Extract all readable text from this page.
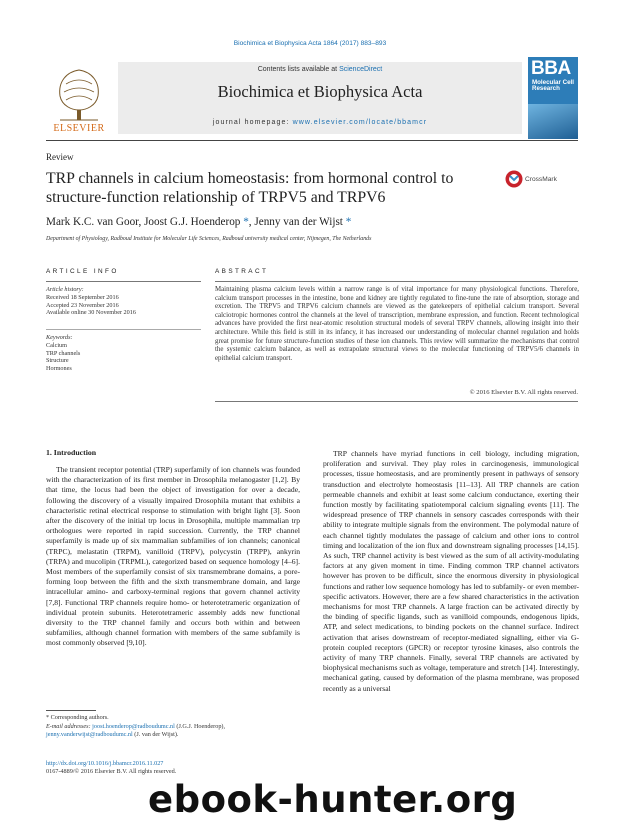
Biochimica et Biophysica Acta 1864 (2017) 883–893
ELSEVIER
Contents lists available at ScienceDirect
Biochimica et Biophysica Acta
journal homepage: www.elsevier.com/locate/bbamcr
BBA
Molecular Cell Research
Review
TRP channels in calcium homeostasis: from hormonal control to structure-function relationship of TRPV5 and TRPV6
CrossMark
Mark K.C. van Goor, Joost G.J. Hoenderop *, Jenny van der Wijst *
Department of Physiology, Radboud Institute for Molecular Life Sciences, Radboud university medical center, Nijmegen, The Netherlands
ARTICLE INFO	ABSTRACT
Article history:
Received 18 September 2016
Accepted 23 November 2016
Available online 30 November 2016
Keywords:
Calcium
TRP channels
Structure
Hormones
Maintaining plasma calcium levels within a narrow range is of vital importance for many physiological functions. Therefore, calcium transport processes in the intestine, bone and kidney are tightly regulated to fine-tune the rate of absorption, storage and excretion. The TRPV5 and TRPV6 calcium channels are viewed as the gatekeepers of epithelial calcium transport. Several calciotropic hormones control the channels at the level of transcription, membrane expression, and function. Recent technological advances have provided the first near-atomic resolution structural models of several TRPV channels, allowing insight into their architecture. While this field is still in its infancy, it has increased our understanding of molecular channel regulation and holds great promise for future structure-function studies of these ion channels. This review will summarize the mechanisms that control the systemic calcium balance, as well as extrapolate structural views to the molecular functioning of TRPV5/6 channels in epithelial calcium transport.
© 2016 Elsevier B.V. All rights reserved.
1. Introduction
The transient receptor potential (TRP) superfamily of ion channels was founded with the characterization of its first member in Drosophila melanogaster [1,2]. By that time, the locus had been the object of investigation for over a decade, following the discovery of a visually impaired Drosophila mutant that exhibits a characteristic retinal electrical response to stimulation with bright light [3]. Soon after the discovery of the initial trp locus in Drosophila, multiple mammalian trp orthologues were reported in rapid succession. Currently, the TRP channel superfamily is made up of six mammalian subfamilies of ion channels; canonical (TRPC), melastatin (TRPM), vanilloid (TRPV), polycystin (TRPP), ankyrin (TRPA) and mucolipin (TRPML), categorized based on sequence homology [4–6]. Most members of the superfamily consist of six transmembrane domains, a pore-forming loop between the fifth and the sixth transmembrane domain, and large intracellular amino- and carboxy-terminal regions that govern channel activity [7,8]. Functional TRP channels require homo- or heterotetrameric organization of individual protein subunits. Heterotetrameric assembly adds new functional diversity to the TRP channel family and occurs both within and between subfamilies, although channel formation with members of the same subfamily is most commonly observed [9,10].
TRP channels have myriad functions in cell biology, including migration, proliferation and survival. They play roles in carcinogenesis, immunological processes, tissue homeostasis, and are prominently present in pathways of sensory transduction and electrolyte homeostasis [11–13]. All TRP channels are cation permeable channels and exhibit at least some calcium conductance, exerting their function mostly by facilitating spatiotemporal calcium signaling events [11]. The widespread presence of TRP channels in sensory cascades corresponds with their ability to integrate multiple signals from the environment. The polymodal nature of each channel tightly modulates the passage of calcium and other ions to control timing and localization of the ion flux and downstream signaling processes [14,15]. As such, TRP channel activity is best viewed as the sum of all activity-modulating factors at any given moment in time. Finding common TRP channel activators however has proven to be difficult, since the enormous diversity in physiological functions and rather low sequence homology has led to subfamily- or even member-specific activators. However, there are a few shared characteristics in the activation mechanisms for most TRP channels. A large fraction can be activated directly by the binding of specific ligands, such as vanilloid compounds, endogenous lipids, ATP, and select medications, to binding pockets on the channel surface. Indirect activation that arises downstream of receptor-mediated signalling, either via G-protein coupled receptors (GPCR) or receptor tyrosine kinases, also controls the activity of many TRP channels. Finally, several TRP channels are activated by biophysical mechanisms such as voltage, temperature and stretch [14]. Interestingly, mechanical gating, caused by deformation of the plasma membrane, was proposed recently as a universal
* Corresponding authors.
E-mail addresses: joost.hoenderop@radboudumc.nl (J.G.J. Hoenderop),
jenny.vanderwijst@radboudumc.nl (J. van der Wijst).
http://dx.doi.org/10.1016/j.bbamcr.2016.11.027
0167-4889/© 2016 Elsevier B.V. All rights reserved.
ebook-hunter.org
